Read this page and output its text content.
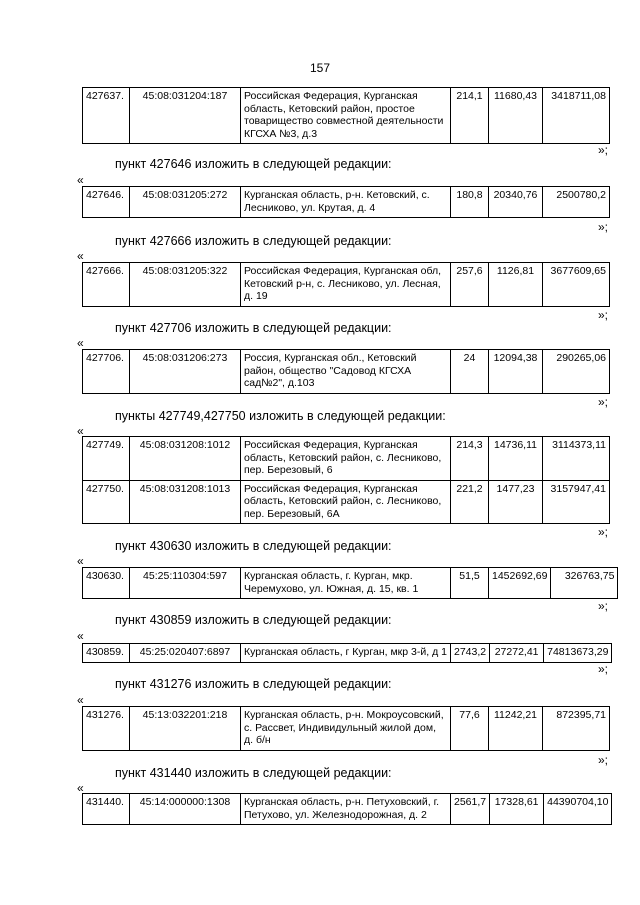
157
427637.	45:08:031204:187	Российская Федерация, Курганская область, Кетовский район, простое товарищество совместной деятельности КГСХА №3, д.3	214,1	11680,43	3418711,08
»;
пункт 427646 изложить в следующей редакции:
«
427646.	45:08:031205:272	Курганская область, р-н. Кетовский, с. Лесниково, ул. Крутая, д. 4	180,8	20340,76	2500780,2
»;
пункт 427666 изложить в следующей редакции:
«
427666.	45:08:031205:322	Российская Федерация, Курганская обл, Кетовский р-н, с. Лесниково, ул. Лесная, д. 19	257,6	1126,81	3677609,65
»;
пункт 427706 изложить в следующей редакции:
«
427706.	45:08:031206:273	Россия, Курганская обл., Кетовский район, общество "Садовод КГСХА сад№2", д.103	24	12094,38	290265,06
»;
пункты 427749,427750 изложить в следующей редакции:
«
427749.	45:08:031208:1012	Российская Федерация, Курганская область, Кетовский район, с. Лесниково, пер. Березовый, 6	214,3	14736,11	3114373,11
427750.	45:08:031208:1013	Российская Федерация, Курганская область, Кетовский район, с. Лесниково, пер. Березовый, 6А	221,2	1477,23	3157947,41
»;
пункт 430630 изложить в следующей редакции:
«
430630.	45:25:110304:597	Курганская область, г. Курган, мкр. Черемухово, ул. Южная, д. 15, кв. 1	51,5	1452692,69	326763,75
»;
пункт 430859 изложить в следующей редакции:
«
430859.	45:25:020407:6897	Курганская область, г Курган, мкр 3-й, д 1	2743,2	27272,41	74813673,29
»;
пункт 431276 изложить в следующей редакции:
«
431276.	45:13:032201:218	Курганская область, р-н. Мокроусовский, с. Рассвет, Индивидульный жилой дом, д. б/н	77,6	11242,21	872395,71
»;
пункт 431440 изложить в следующей редакции:
«
431440.	45:14:000000:1308	Курганская область, р-н. Петуховский, г. Петухово, ул. Железнодорожная, д. 2	2561,7	17328,61	44390704,10
